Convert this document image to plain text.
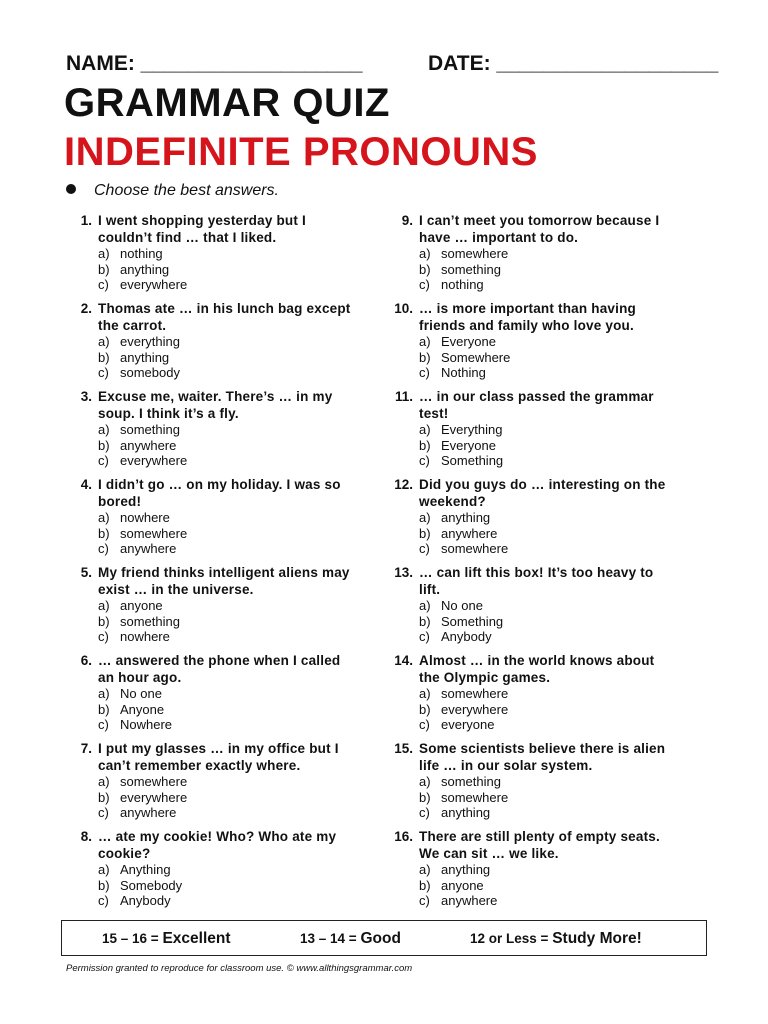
NAME: ___________________	DATE: ___________________
GRAMMAR QUIZ
INDEFINITE PRONOUNS
Choose the best answers.
1. I went shopping yesterday but I couldn’t find … that I liked.
a) nothing
b) anything
c) everywhere
2. Thomas ate … in his lunch bag except the carrot.
a) everything
b) anything
c) somebody
3. Excuse me, waiter. There’s … in my soup. I think it’s a fly.
a) something
b) anywhere
c) everywhere
4. I didn’t go … on my holiday. I was so bored!
a) nowhere
b) somewhere
c) anywhere
5. My friend thinks intelligent aliens may exist … in the universe.
a) anyone
b) something
c) nowhere
6. … answered the phone when I called an hour ago.
a) No one
b) Anyone
c) Nowhere
7. I put my glasses … in my office but I can’t remember exactly where.
a) somewhere
b) everywhere
c) anywhere
8. … ate my cookie! Who? Who ate my cookie?
a) Anything
b) Somebody
c) Anybody
9. I can’t meet you tomorrow because I have … important to do.
a) somewhere
b) something
c) nothing
10. … is more important than having friends and family who love you.
a) Everyone
b) Somewhere
c) Nothing
11. … in our class passed the grammar test!
a) Everything
b) Everyone
c) Something
12. Did you guys do … interesting on the weekend?
a) anything
b) anywhere
c) somewhere
13. … can lift this box! It’s too heavy to lift.
a) No one
b) Something
c) Anybody
14. Almost … in the world knows about the Olympic games.
a) somewhere
b) everywhere
c) everyone
15. Some scientists believe there is alien life … in our solar system.
a) something
b) somewhere
c) anything
16. There are still plenty of empty seats. We can sit … we like.
a) anything
b) anyone
c) anywhere
15 – 16 = Excellent	13 – 14 = Good	12 or Less = Study More!
Permission granted to reproduce for classroom use. © www.allthingsgrammar.com
